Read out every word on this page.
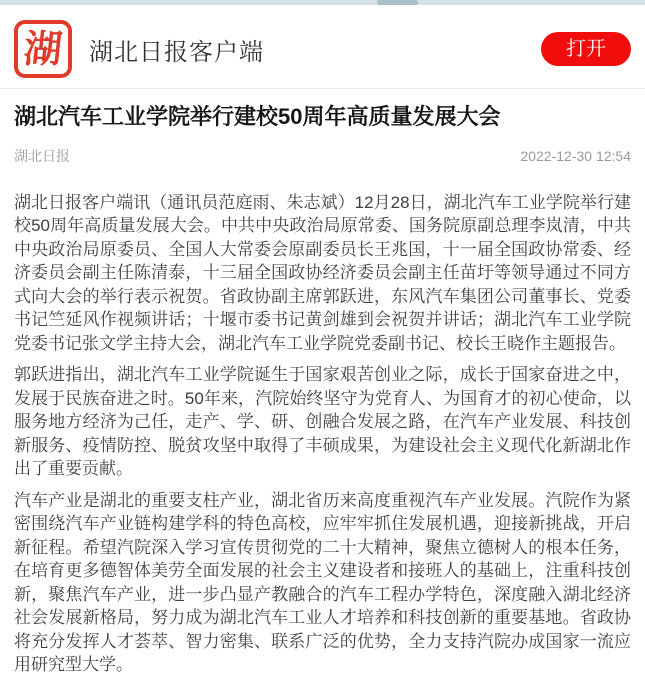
湖 湖北日报客户端	打开
湖北汽车工业学院举行建校50周年高质量发展大会
湖北日报	2022-12-30 12:54

湖北日报客户端讯（通讯员范庭雨、朱志斌）12月28日，湖北汽车工业学院举行建校50周年高质量发展大会。中共中央政治局原常委、国务院原副总理李岚清，中共中央政治局原委员、全国人大常委会原副委员长王兆国，十一届全国政协常委、经济委员会副主任陈清泰，十三届全国政协经济委员会副主任苗圩等领导通过不同方式向大会的举行表示祝贺。省政协副主席郭跃进，东风汽车集团公司董事长、党委书记竺延风作视频讲话；十堰市委书记黄剑雄到会祝贺并讲话；湖北汽车工业学院党委书记张文学主持大会，湖北汽车工业学院党委副书记、校长王晓作主题报告。

郭跃进指出，湖北汽车工业学院诞生于国家艰苦创业之际，成长于国家奋进之中，发展于民族奋进之时。50年来，汽院始终坚守为党育人、为国育才的初心使命，以服务地方经济为己任，走产、学、研、创融合发展之路，在汽车产业发展、科技创新服务、疫情防控、脱贫攻坚中取得了丰硕成果，为建设社会主义现代化新湖北作出了重要贡献。

汽车产业是湖北的重要支柱产业，湖北省历来高度重视汽车产业发展。汽院作为紧密围绕汽车产业链构建学科的特色高校，应牢牢抓住发展机遇，迎接新挑战，开启新征程。希望汽院深入学习宣传贯彻党的二十大精神，聚焦立德树人的根本任务，在培育更多德智体美劳全面发展的社会主义建设者和接班人的基础上，注重科技创新，聚焦汽车产业，进一步凸显产教融合的汽车工程办学特色，深度融入湖北经济社会发展新格局，努力成为湖北汽车工业人才培养和科技创新的重要基地。省政协将充分发挥人才荟萃、智力密集、联系广泛的优势，全力支持汽院办成国家一流应用研究型大学。
